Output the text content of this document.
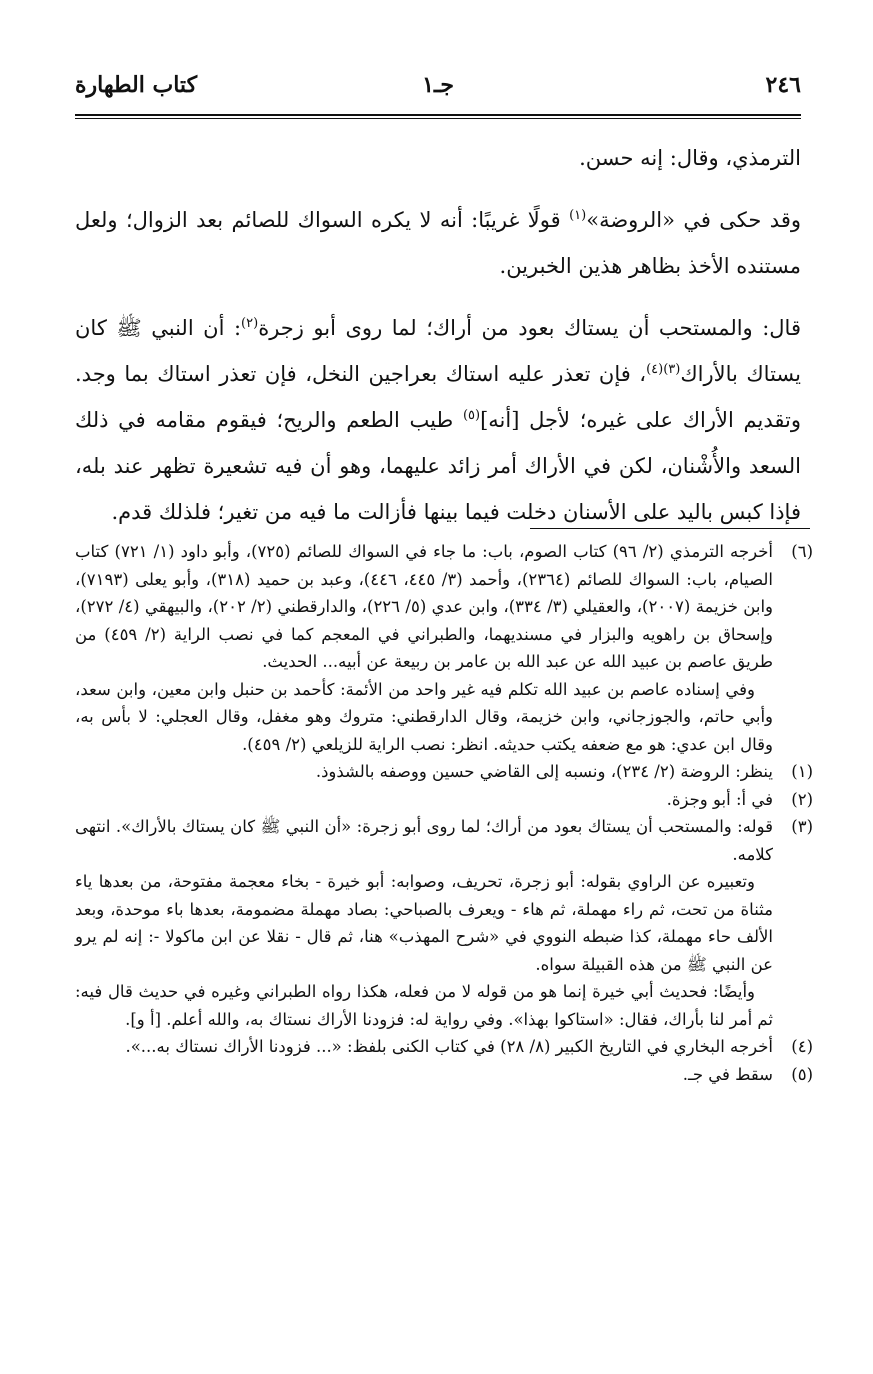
٢٤٦
جـ١
كتاب الطهارة

الترمذي، وقال: إنه حسن.

وقد حكى في «الروضة»$^{(١)}$ قولًا غريبًا: أنه لا يكره السواك للصائم بعد الزوال؛ ولعل مستنده الأخذ بظاهر هذين الخبرين.

قال: والمستحب أن يستاك بعود من أراك؛ لما روى أبو زجرة$^{(٢)}$: أن النبي ﷺ كان يستاك بالأراك$^{(٣)(٤)}$، فإن تعذر عليه استاك بعراجين النخل، فإن تعذر استاك بما وجد. وتقديم الأراك على غيره؛ لأجل [أنه]$^{(٥)}$ طيب الطعم والريح؛ فيقوم مقامه في ذلك السعد والأُشْنان، لكن في الأراك أمر زائد عليهما، وهو أن فيه تشعيرة تظهر عند بله، فإذا كبس باليد على الأسنان دخلت فيما بينها فأزالت ما فيه من تغير؛ فلذلك قدم.

(٦)

أخرجه الترمذي (٢/ ٩٦) كتاب الصوم، باب: ما جاء في السواك للصائم (٧٢٥)، وأبو داود (١/ ٧٢١) كتاب الصيام، باب: السواك للصائم (٢٣٦٤)، وأحمد (٣/ ٤٤٥، ٤٤٦)، وعبد بن حميد (٣١٨)، وأبو يعلى (٧١٩٣)، وابن خزيمة (٢٠٠٧)، والعقيلي (٣/ ٣٣٤)، وابن عدي (٥/ ٢٢٦)، والدارقطني (٢/ ٢٠٢)، والبيهقي (٤/ ٢٧٢)، وإسحاق بن راهويه والبزار في مسنديهما، والطبراني في المعجم كما في نصب الراية (٢/ ٤٥٩) من طريق عاصم بن عبيد الله عن عبد الله بن عامر بن ربيعة عن أبيه... الحديث.

وفي إسناده عاصم بن عبيد الله تكلم فيه غير واحد من الأئمة: كأحمد بن حنبل وابن معين، وابن سعد، وأبي حاتم، والجوزجاني، وابن خزيمة، وقال الدارقطني: متروك وهو مغفل، وقال العجلي: لا بأس به، وقال ابن عدي: هو مع ضعفه يكتب حديثه. انظر: نصب الراية للزيلعي (٢/ ٤٥٩).

(١)

ينظر: الروضة (٢/ ٢٣٤)، ونسبه إلى القاضي حسين ووصفه بالشذوذ.

(٢)

في أ: أبو وجزة.

(٣)

قوله: والمستحب أن يستاك بعود من أراك؛ لما روى أبو زجرة: «أن النبي ﷺ كان يستاك بالأراك». انتهى كلامه.

وتعبيره عن الراوي بقوله: أبو زجرة، تحريف، وصوابه: أبو خيرة - بخاء معجمة مفتوحة، من بعدها ياء مثناة من تحت، ثم راء مهملة، ثم هاء - ويعرف بالصباحي: بصاد مهملة مضمومة، بعدها باء موحدة، وبعد الألف حاء مهملة، كذا ضبطه النووي في «شرح المهذب» هنا، ثم قال - نقلا عن ابن ماكولا -: إنه لم يرو عن النبي ﷺ من هذه القبيلة سواه.

وأيضًا: فحديث أبي خيرة إنما هو من قوله لا من فعله، هكذا رواه الطبراني وغيره في حديث قال فيه: ثم أمر لنا بأراك، فقال: «استاكوا بهذا». وفي رواية له: فزودنا الأراك نستاك به، والله أعلم. [أ و].

(٤)

أخرجه البخاري في التاريخ الكبير (٨/ ٢٨) في كتاب الكنى بلفظ: «... فزودنا الأراك نستاك به...».

(٥)

سقط في جـ.
